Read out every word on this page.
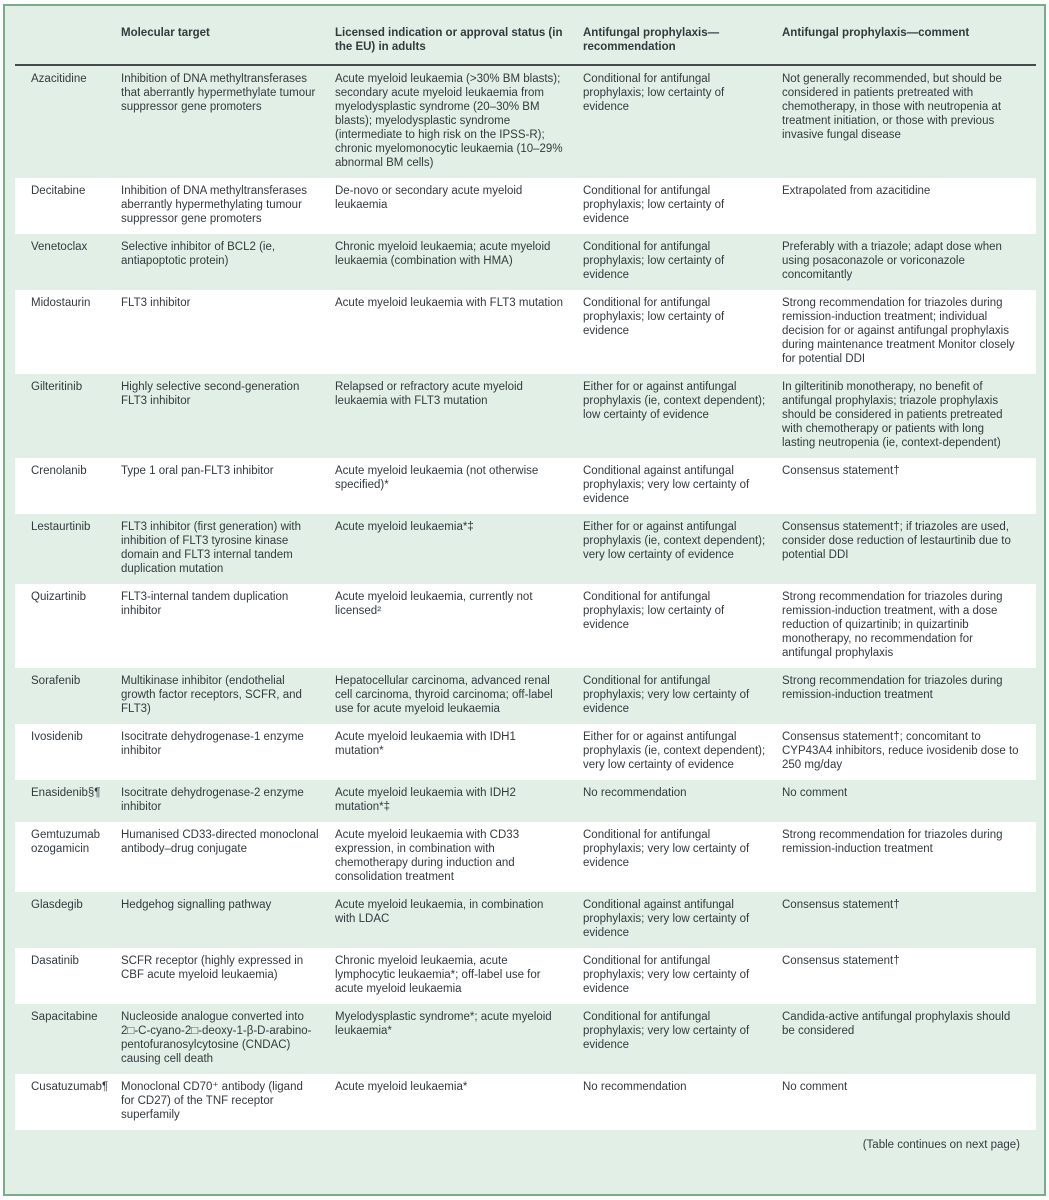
	Molecular target	Licensed indication or approval status (in the EU) in adults	Antifungal prophylaxis—recommendation	Antifungal prophylaxis—comment
Azacitidine	Inhibition of DNA methyltransferases that aberrantly hypermethylate tumour suppressor gene promoters	Acute myeloid leukaemia (>30% BM blasts); secondary acute myeloid leukaemia from myelodysplastic syndrome (20–30% BM blasts); myelodysplastic syndrome (intermediate to high risk on the IPSS-R); chronic myelomonocytic leukaemia (10–29% abnormal BM cells)	Conditional for antifungal prophylaxis; low certainty of evidence	Not generally recommended, but should be considered in patients pretreated with chemotherapy, in those with neutropenia at treatment initiation, or those with previous invasive fungal disease
Decitabine	Inhibition of DNA methyltransferases aberrantly hypermethylating tumour suppressor gene promoters	De-novo or secondary acute myeloid leukaemia	Conditional for antifungal prophylaxis; low certainty of evidence	Extrapolated from azacitidine
Venetoclax	Selective inhibitor of BCL2 (ie, antiapoptotic protein)	Chronic myeloid leukaemia; acute myeloid leukaemia (combination with HMA)	Conditional for antifungal prophylaxis; low certainty of evidence	Preferably with a triazole; adapt dose when using posaconazole or voriconazole concomitantly
Midostaurin	FLT3 inhibitor	Acute myeloid leukaemia with FLT3 mutation	Conditional for antifungal prophylaxis; low certainty of evidence	Strong recommendation for triazoles during remission-induction treatment; individual decision for or against antifungal prophylaxis during maintenance treatment Monitor closely for potential DDI
Gilteritinib	Highly selective second-generation FLT3 inhibitor	Relapsed or refractory acute myeloid leukaemia with FLT3 mutation	Either for or against antifungal prophylaxis (ie, context dependent); low certainty of evidence	In gilteritinib monotherapy, no benefit of antifungal prophylaxis; triazole prophylaxis should be considered in patients pretreated with chemotherapy or patients with long lasting neutropenia (ie, context-dependent)
Crenolanib	Type 1 oral pan-FLT3 inhibitor	Acute myeloid leukaemia (not otherwise specified)*	Conditional against antifungal prophylaxis; very low certainty of evidence	Consensus statement†
Lestaurtinib	FLT3 inhibitor (first generation) with inhibition of FLT3 tyrosine kinase domain and FLT3 internal tandem duplication mutation	Acute myeloid leukaemia*‡	Either for or against antifungal prophylaxis (ie, context dependent); very low certainty of evidence	Consensus statement†; if triazoles are used, consider dose reduction of lestaurtinib due to potential DDI
Quizartinib	FLT3-internal tandem duplication inhibitor	Acute myeloid leukaemia, currently not licensed²	Conditional for antifungal prophylaxis; low certainty of evidence	Strong recommendation for triazoles during remission-induction treatment, with a dose reduction of quizartinib; in quizartinib monotherapy, no recommendation for antifungal prophylaxis
Sorafenib	Multikinase inhibitor (endothelial growth factor receptors, SCFR, and FLT3)	Hepatocellular carcinoma, advanced renal cell carcinoma, thyroid carcinoma; off-label use for acute myeloid leukaemia	Conditional for antifungal prophylaxis; very low certainty of evidence	Strong recommendation for triazoles during remission-induction treatment
Ivosidenib	Isocitrate dehydrogenase-1 enzyme inhibitor	Acute myeloid leukaemia with IDH1 mutation*	Either for or against antifungal prophylaxis (ie, context dependent); very low certainty of evidence	Consensus statement†; concomitant to CYP43A4 inhibitors, reduce ivosidenib dose to 250 mg/day
Enasidenib§¶	Isocitrate dehydrogenase-2 enzyme inhibitor	Acute myeloid leukaemia with IDH2 mutation*‡	No recommendation	No comment
Gemtuzumab ozogamicin	Humanised CD33-directed monoclonal antibody–drug conjugate	Acute myeloid leukaemia with CD33 expression, in combination with chemotherapy during induction and consolidation treatment	Conditional for antifungal prophylaxis; very low certainty of evidence	Strong recommendation for triazoles during remission-induction treatment
Glasdegib	Hedgehog signalling pathway	Acute myeloid leukaemia, in combination with LDAC	Conditional against antifungal prophylaxis; very low certainty of evidence	Consensus statement†
Dasatinib	SCFR receptor (highly expressed in CBF acute myeloid leukaemia)	Chronic myeloid leukaemia, acute lymphocytic leukaemia*; off-label use for acute myeloid leukaemia	Conditional for antifungal prophylaxis; very low certainty of evidence	Consensus statement†
Sapacitabine	Nucleoside analogue converted into 2□-C-cyano-2□-deoxy-1-β-D-arabino-pentofuranosylcytosine (CNDAC) causing cell death	Myelodysplastic syndrome*; acute myeloid leukaemia*	Conditional for antifungal prophylaxis; very low certainty of evidence	Candida-active antifungal prophylaxis should be considered
Cusatuzumab¶	Monoclonal CD70⁺ antibody (ligand for CD27) of the TNF receptor superfamily	Acute myeloid leukaemia*	No recommendation	No comment
(Table continues on next page)				
